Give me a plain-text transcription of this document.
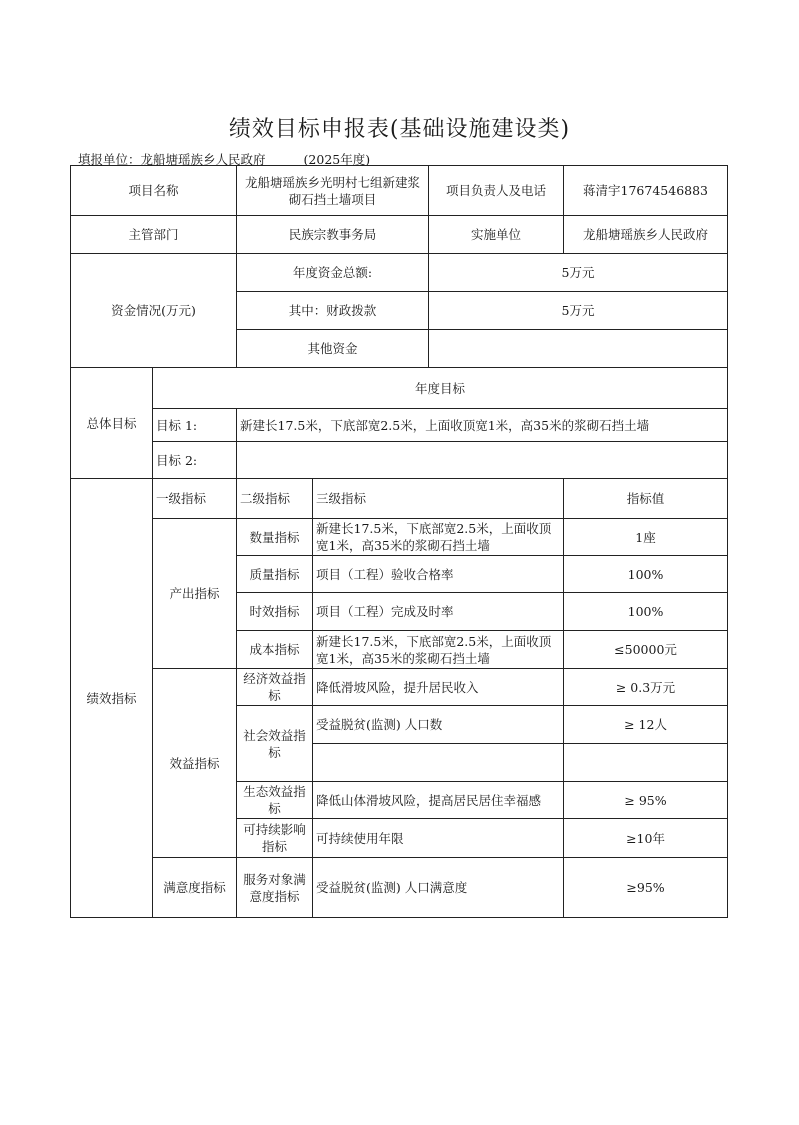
绩效目标申报表(基础设施建设类)
填报单位：龙船塘瑶族乡人民政府	(2025年度)
项目名称		龙船塘瑶族乡光明村七组新建浆砌石挡土墙项目		项目负责人及电话	蒋清宇17674546883
主管部门		民族宗教事务局		实施单位	龙船塘瑶族乡人民政府
资金情况(万元)		年度资金总额:		5万元	
		其中：财政拨款		5万元	
		其他资金			
总体目标	年度目标				
	目标 1:	新建长17.5米，下底部宽2.5米，上面收顶宽1米，高35米的浆砌石挡土墙			
	目标 2:				
绩效指标	一级指标	二级指标	三级指标		指标值
	产出指标	数量指标	新建长17.5米，下底部宽2.5米，上面收顶宽1米，高35米的浆砌石挡土墙		1座
		质量指标	项目（工程）验收合格率		100%
		时效指标	项目（工程）完成及时率		100%
		成本指标	新建长17.5米，下底部宽2.5米，上面收顶宽1米，高35米的浆砌石挡土墙		≤50000元
	效益指标	经济效益指标	降低滑坡风险，提升居民收入		≥ 0.3万元
		社会效益指标	受益脱贫(监测) 人口数		≥ 12人

		生态效益指标	降低山体滑坡风险，提高居民居住幸福感		≥ 95%
		可持续影响指标	可持续使用年限		≥10年
	满意度指标	服务对象满意度指标	受益脱贫(监测) 人口满意度		≥95%
